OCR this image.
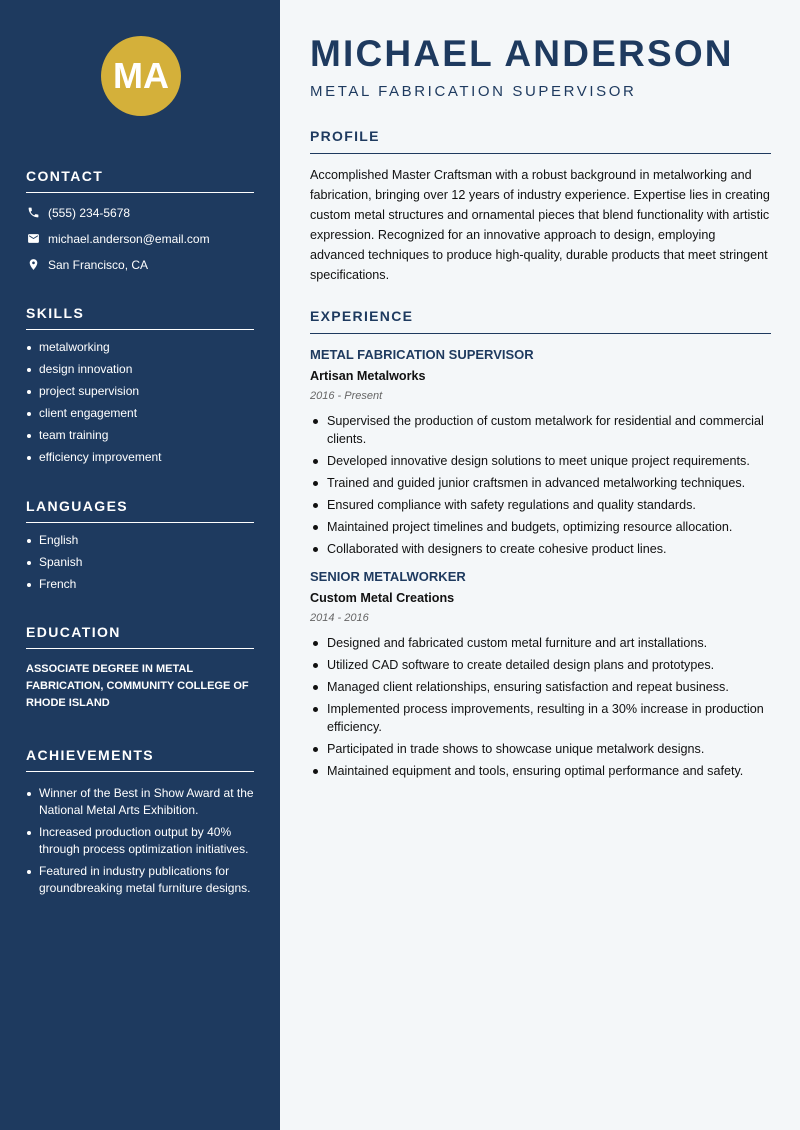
MA
CONTACT
(555) 234-5678
michael.anderson@email.com
San Francisco, CA
SKILLS
metalworking
design innovation
project supervision
client engagement
team training
efficiency improvement
LANGUAGES
English
Spanish
French
EDUCATION

ASSOCIATE DEGREE IN METAL FABRICATION, COMMUNITY COLLEGE OF RHODE ISLAND

ACHIEVEMENTS
Winner of the Best in Show Award at the National Metal Arts Exhibition.
Increased production output by 40% through process optimization initiatives.
Featured in industry publications for groundbreaking metal furniture designs.
MICHAEL ANDERSON
METAL FABRICATION SUPERVISOR
PROFILE

Accomplished Master Craftsman with a robust background in metalworking and fabrication, bringing over 12 years of industry experience. Expertise lies in creating custom metal structures and ornamental pieces that blend functionality with artistic expression. Recognized for an innovative approach to design, employing advanced techniques to produce high-quality, durable products that meet stringent specifications.

EXPERIENCE
METAL FABRICATION SUPERVISOR
Artisan Metalworks
2016 - Present
Supervised the production of custom metalwork for residential and commercial clients.
Developed innovative design solutions to meet unique project requirements.
Trained and guided junior craftsmen in advanced metalworking techniques.
Ensured compliance with safety regulations and quality standards.
Maintained project timelines and budgets, optimizing resource allocation.
Collaborated with designers to create cohesive product lines.
SENIOR METALWORKER
Custom Metal Creations
2014 - 2016
Designed and fabricated custom metal furniture and art installations.
Utilized CAD software to create detailed design plans and prototypes.
Managed client relationships, ensuring satisfaction and repeat business.
Implemented process improvements, resulting in a 30% increase in production efficiency.
Participated in trade shows to showcase unique metalwork designs.
Maintained equipment and tools, ensuring optimal performance and safety.
